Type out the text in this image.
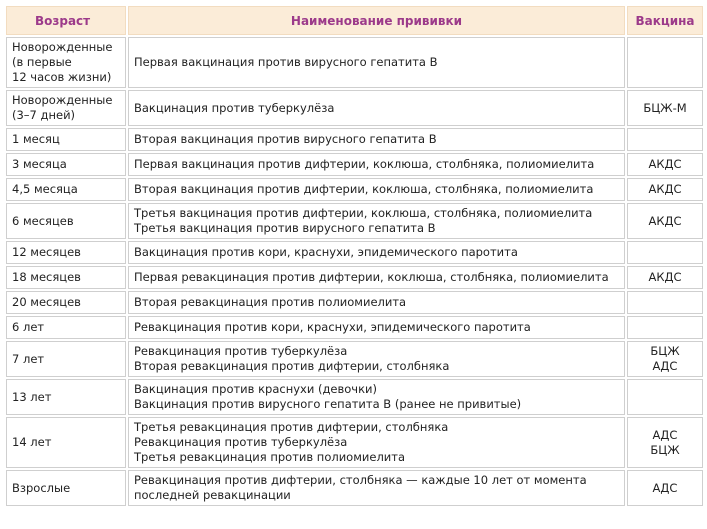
Возраст	Наименование прививки	Вакцина
Новорожденные
(в первые
12 часов жизни)	Первая вакцинация против вирусного гепатита В	
Новорожденные
(3–7 дней)	Вакцинация против туберкулёза	БЦЖ-М
1 месяц	Вторая вакцинация против вирусного гепатита В	
3 месяца	Первая вакцинация против дифтерии, коклюша, столбняка, полиомиелита	АКДС
4,5 месяца	Вторая вакцинация против дифтерии, коклюша, столбняка, полиомиелита	АКДС
6 месяцев	Третья вакцинация против дифтерии, коклюша, столбняка, полиомиелита
Третья вакцинация против вирусного гепатита В	АКДС
12 месяцев	Вакцинация против кори, краснухи, эпидемического паротита	
18 месяцев	Первая ревакцинация против дифтерии, коклюша, столбняка, полиомиелита	АКДС
20 месяцев	Вторая ревакцинация против полиомиелита	
6 лет	Ревакцинация против кори, краснухи, эпидемического паротита	
7 лет	Ревакцинация против туберкулёза
Вторая ревакцинация против дифтерии, столбняка	БЦЖ
АДС
13 лет	Вакцинация против краснухи (девочки)
Вакцинация против вирусного гепатита В (ранее не привитые)	
14 лет	Третья ревакцинация против дифтерии, столбняка
Ревакцинация против туберкулёза
Третья ревакцинация против полиомиелита	АДС
БЦЖ
Взрослые	Ревакцинация против дифтерии, столбняка — каждые 10 лет от момента
последней ревакцинации	АДС
